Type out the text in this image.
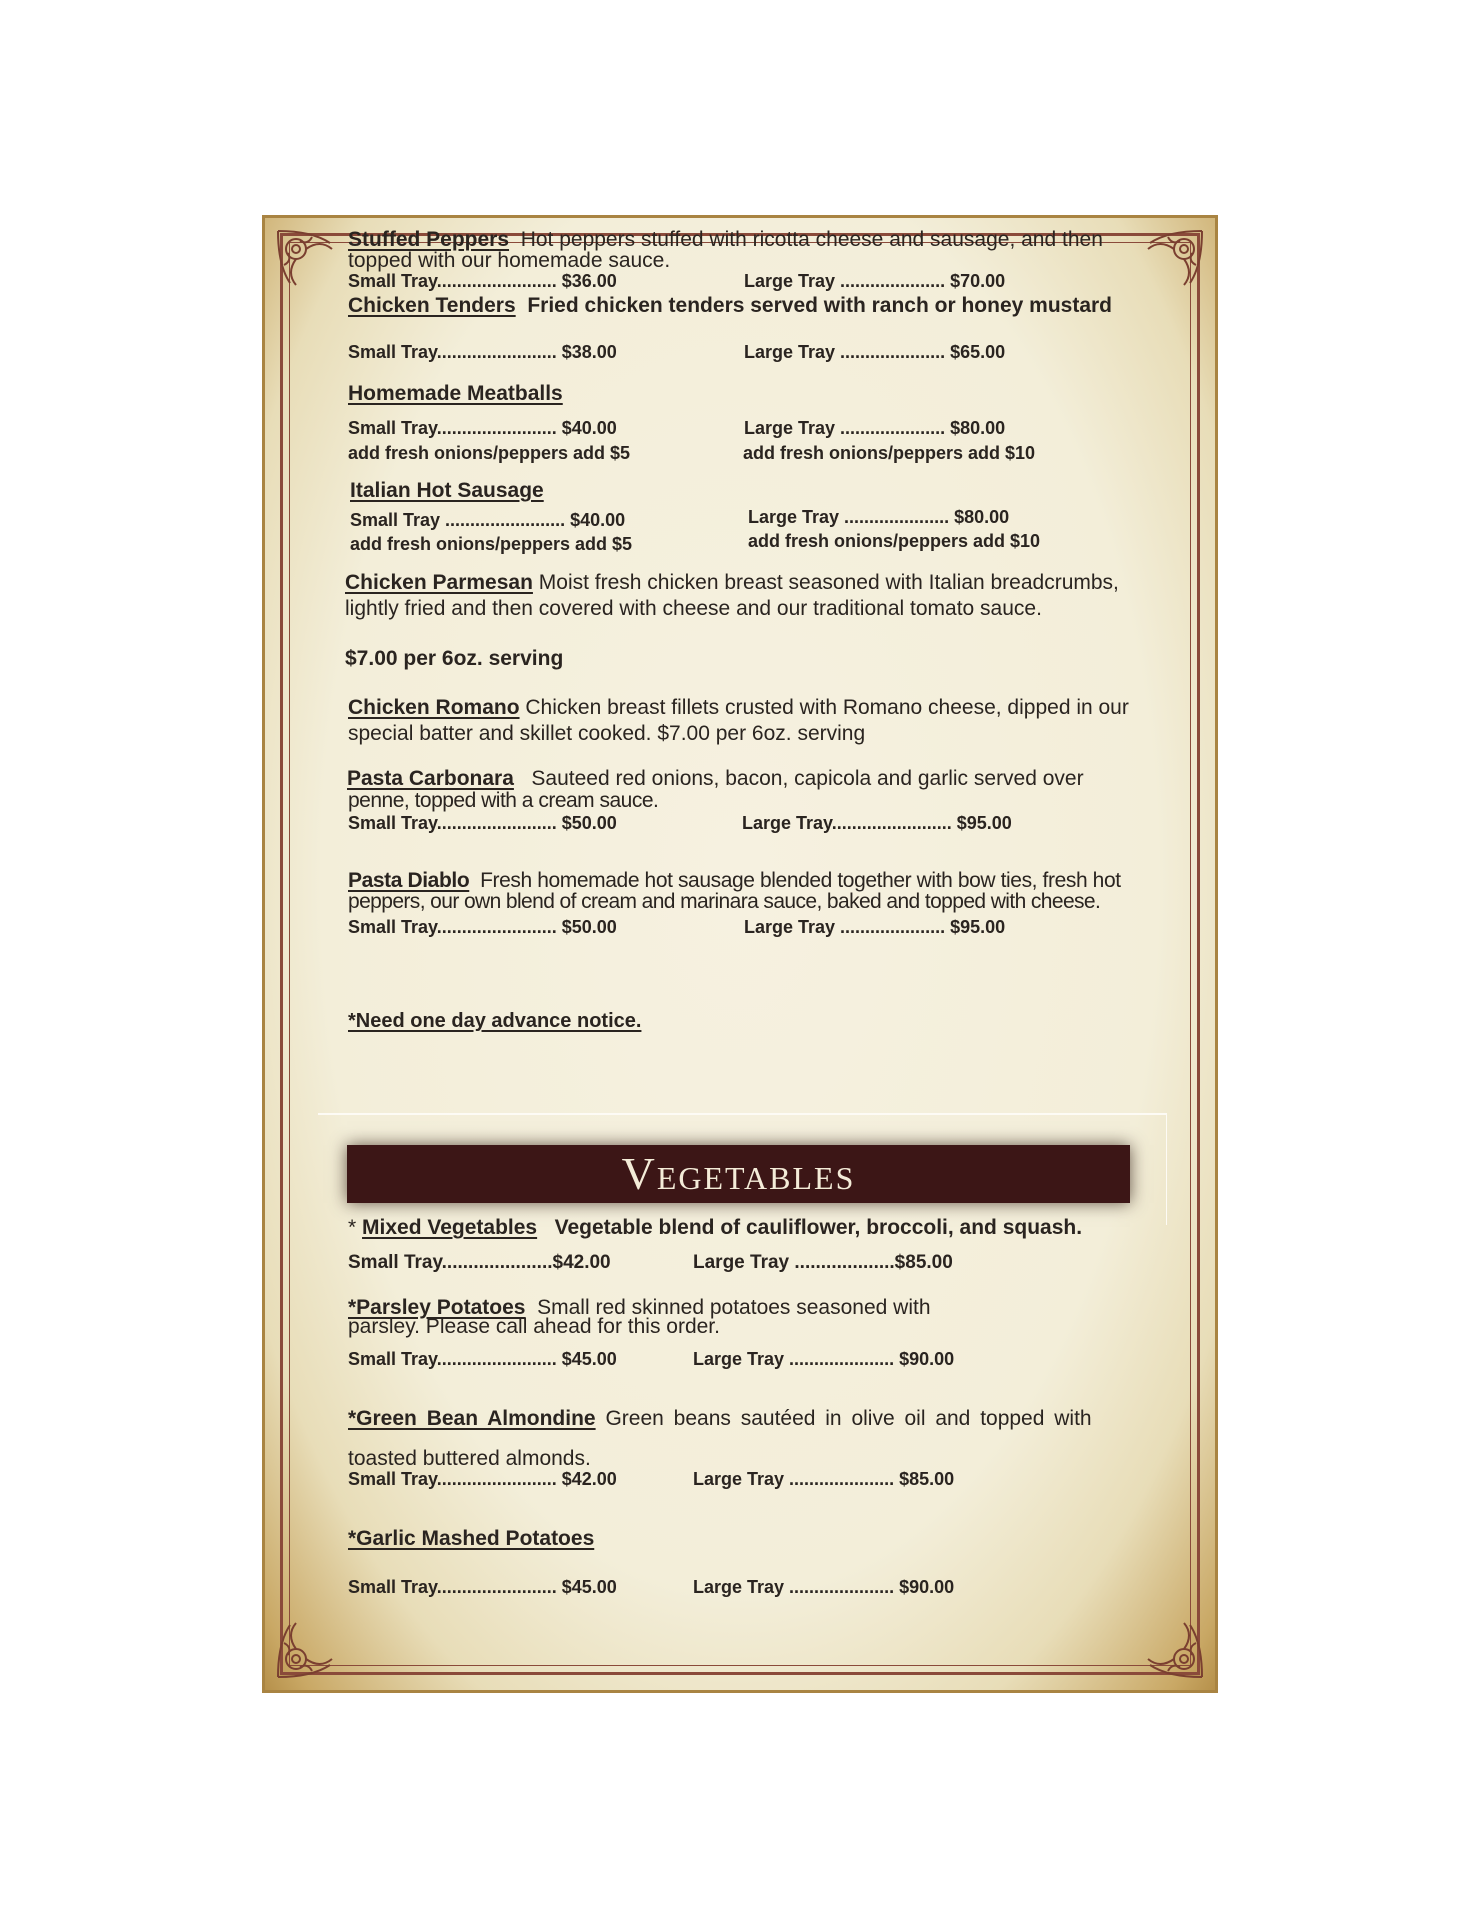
Stuffed Peppers Hot peppers stuffed with ricotta cheese and sausage, and then
topped with our homemade sauce.
Small Tray........................ $36.00	Large Tray ..................... $70.00
Chicken Tenders Fried chicken tenders served with ranch or honey mustard
Small Tray........................ $38.00	Large Tray ..................... $65.00
Homemade Meatballs
Small Tray........................ $40.00	Large Tray ..................... $80.00
add fresh onions/peppers add $5	add fresh onions/peppers add $10
Italian Hot Sausage
Small Tray ........................ $40.00	Large Tray ..................... $80.00
add fresh onions/peppers add $5	add fresh onions/peppers add $10
Chicken Parmesan Moist fresh chicken breast seasoned with Italian breadcrumbs, lightly fried and then covered with cheese and our traditional tomato sauce.
$7.00 per 6oz. serving
Chicken Romano Chicken breast fillets crusted with Romano cheese, dipped in our special batter and skillet cooked. $7.00 per 6oz. serving
Pasta Carbonara Sauteed red onions, bacon, capicola and garlic served over
penne, topped with a cream sauce.
Small Tray........................ $50.00	Large Tray........................ $95.00
Pasta Diablo Fresh homemade hot sausage blended together with bow ties, fresh hot
peppers, our own blend of cream and marinara sauce, baked and topped with cheese.
Small Tray........................ $50.00	Large Tray ..................... $95.00
*Need one day advance notice.
Vegetables
* Mixed Vegetables Vegetable blend of cauliflower, broccoli, and squash.
Small Tray.....................$42.00	Large Tray ...................$85.00
*Parsley Potatoes Small red skinned potatoes seasoned with
parsley. Please call ahead for this order.
Small Tray........................ $45.00	Large Tray ..................... $90.00
*Green Bean Almondine Green beans sautéed in olive oil and topped with
toasted buttered almonds.
Small Tray........................ $42.00	Large Tray ..................... $85.00
*Garlic Mashed Potatoes
Small Tray........................ $45.00	Large Tray ..................... $90.00
